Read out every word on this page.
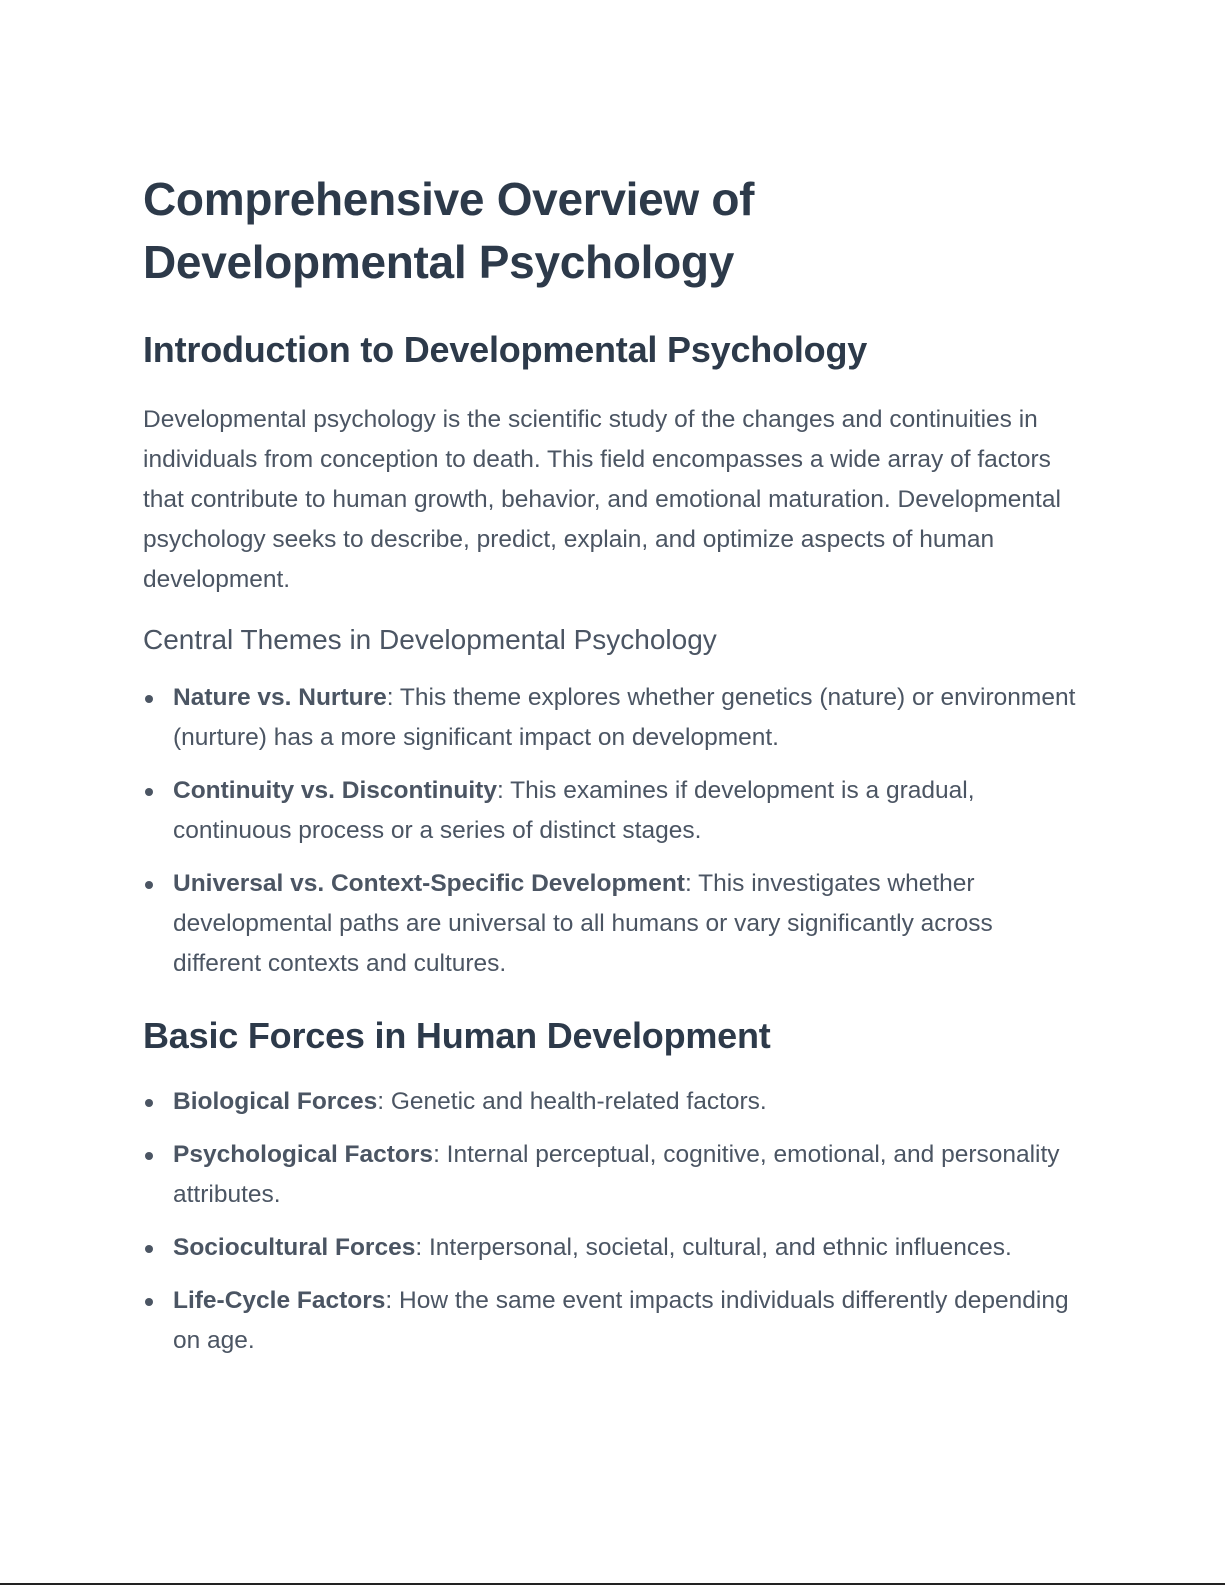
Comprehensive Overview of Developmental Psychology
Introduction to Developmental Psychology

Developmental psychology is the scientific study of the changes and continuities in individuals from conception to death. This field encompasses a wide array of factors that contribute to human growth, behavior, and emotional maturation. Developmental psychology seeks to describe, predict, explain, and optimize aspects of human development.

Central Themes in Developmental Psychology
Nature vs. Nurture: This theme explores whether genetics (nature) or environment (nurture) has a more significant impact on development.
Continuity vs. Discontinuity: This examines if development is a gradual, continuous process or a series of distinct stages.
Universal vs. Context-Specific Development: This investigates whether developmental paths are universal to all humans or vary significantly across different contexts and cultures.
Basic Forces in Human Development
Biological Forces: Genetic and health-related factors.
Psychological Factors: Internal perceptual, cognitive, emotional, and personality attributes.
Sociocultural Forces: Interpersonal, societal, cultural, and ethnic influences.
Life-Cycle Factors: How the same event impacts individuals differently depending on age.
